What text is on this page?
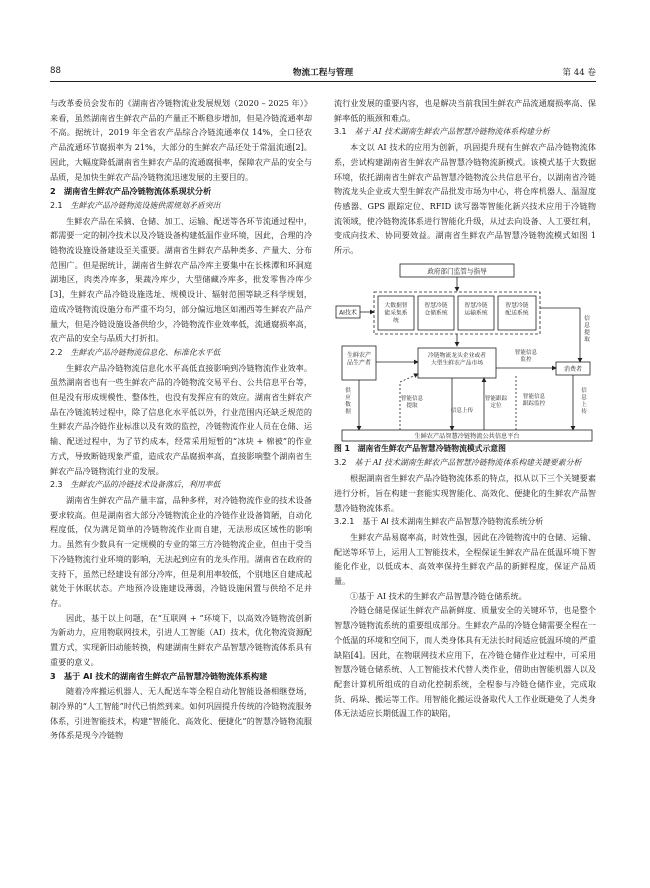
88	物流工程与管理	第 44 卷

与改革委员会发布的《湖南省冷链物流业发展规划（2020 – 2025 年）》来看，虽然湖南省生鲜农产品的产量正不断稳步增加，但是冷链流通率却不高。据统计，2019 年全省农产品综合冷链流通率仅 14%，全口径农产品流通环节腐损率为 21%，大部分的生鲜农产品还处于常温流通[2]。因此，大幅度降低湖南省生鲜农产品的流通腐损率，保障农产品的安全与品质，是加快生鲜农产品冷链物流迅速发展的主要目的。

2　湖南省生鲜农产品冷链物流体系现状分析

2.1　 生鲜农产品冷链物流设施供需规划矛盾突出

生鲜农产品在采摘、仓储、加工、运输、配送等各环节流通过程中，都需要一定的制冷技术以及冷链设备构建低温作业环境，因此，合理的冷链物流设施设备建设至关重要。湖南省生鲜农产品种类多、产量大、分布范围广。但是据统计，湖南省生鲜农产品冷库主要集中在长株潭和环洞庭湖地区，肉类冷库多，果蔬冷库少，大型储藏冷库多，批发零售冷库少[3]，生鲜农产品冷链设施选址、规模设计、辐射范围等缺乏科学规划，造成冷链物流设施分布严重不均匀，部分偏远地区如湘西等生鲜农产品产量大，但是冷链设施设备供给少，冷链物流作业效率低，流通腐损率高，农产品的安全与品质大打折扣。

2.2　 生鲜农产品冷链物流信息化、标准化水平低

生鲜农产品冷链物流信息化水平高低直接影响到冷链物流作业效率。虽然湖南省也有一些生鲜农产品的冷链物流交易平台、公共信息平台等，但是没有形成规模性、整体性，也没有发挥应有的效应。湖南省生鲜农产品在冷链流转过程中，除了信息化水平低以外，行业范围内还缺乏规范的生鲜农产品冷链作业标准以及有效的监控，冷链物流作业人员在仓储、运输、配送过程中，为了节约成本，经常采用短暂的“冰块 + 棉被”的作业方式，导致断链现象严重，造成农产品腐损率高，直接影响整个湖南省生鲜农产品冷链物流行业的发展。

2.3　 生鲜农产品的冷链技术设备落后，利用率低

湖南省生鲜农产品产量丰富，品种多样，对冷链物流作业的技术设备要求较高。但是湖南省大部分冷链物流企业的冷链作业设备简陋，自动化程度低，仅为满足简单的冷链物流作业而自建，无法形成区域性的影响力。虽然有少数具有一定规模的专业的第三方冷链物流企业，但由于受当下冷链物流行业环境的影响，无法起到应有的龙头作用。湖南省在政府的支持下，虽然已经建设有部分冷库，但是利用率较低，个别地区自建成起就处于休眠状态。产地预冷设施建设薄弱，冷链设施闲置与供给不足并存。

因此，基于以上问题，在“互联网 + ”环境下，以高效冷链物流创新为新动力，应用物联网技术，引进人工智能（AI）技术，优化物流资源配置方式，实现新旧动能转换，构建湖南生鲜农产品智慧冷链物流体系具有重要的意义。

3　基于 AI 技术的湖南省生鲜农产品智慧冷链物流体系构建

随着冷库搬运机器人、无人配送车等全程自动化智能设备相继登场，制冷界的“人工智能”时代已悄然到来。如何巩固提升传统的冷链物流服务体系，引进智能技术，构建“智能化、高效化、便捷化”的智慧冷链物流服务体系是现今冷链物

流行业发展的重要内容，也是解决当前我国生鲜农产品流通腐损率高、保鲜率低的瓶颈和难点。

3.1　 基于 AI 技术湖南生鲜农产品智慧冷链物流体系构建分析

本文以 AI 技术的应用为创新，巩固提升现有生鲜农产品冷链物流体系，尝试构建湖南省生鲜农产品智慧冷链物流新模式。该模式基于大数据环境，依托湖南省生鲜农产品智慧冷链物流公共信息平台，以湖南省冷链物流龙头企业或大型生鲜农产品批发市场为中心，将仓库机器人、温湿度传感器、GPS 跟踪定位、RFID 读写器等智能化新兴技术应用于冷链物流领域，使冷链物流体系进行智能化升级，从过去向设备、人工要红利，变成向技术、协同要效益。湖南省生鲜农产品智慧冷链物流模式如图 1 所示。

政府部门监管与指导
AI技术
大数据智能采集系统
智慧冷链仓储系统
智慧冷链运输系统
智慧冷链配送系统
信息提取
生鲜农产品生产者
冷链物流龙头企业或者大型生鲜农产品市场
消费者
智能信息监控
供应数据
智能信息提取
信息上传
智能跟踪定位
智能信息跟踪监控
信息上传
生鲜农产品智慧冷链物流公共信息平台

图 1　湖南省生鲜农产品智慧冷链物流模式示意图

3.2　 基于 AI 技术湖南生鲜农产品智慧冷链物流体系构建关键要素分析

根据湖南省生鲜农产品冷链物流体系的特点，拟从以下三个关键要素进行分析，旨在构建一套能实现智能化、高效化、便捷化的生鲜农产品智慧冷链物流体系。

3.2.1　基于 AI 技术湖南生鲜农产品智慧冷链物流系统分析

生鲜农产品易腐率高，时效性强，因此在冷链物流中的仓储、运输、配送等环节上，运用人工智能技术，全程保证生鲜农产品在低温环境下智能化作业，以低成本、高效率保持生鲜农产品的新鲜程度，保证产品质量。

①基于 AI 技术的生鲜农产品智慧冷链仓储系统。

冷链仓储是保证生鲜农产品新鲜度、质量安全的关键环节，也是整个智慧冷链物流系统的重要组成部分。生鲜农产品的冷链仓储需要全程在一个低温的环境和空间下，而人类身体具有无法长时间适应低温环境的严重缺陷[4]。因此，在物联网技术应用下，在冷链仓储作业过程中，可采用智慧冷链仓储系统、人工智能技术代替人类作业，借助由智能机器人以及配套计算机所组成的自动化控制系统，全程参与冷链仓储作业，完成取货、码垛、搬运等工作。用智能化搬运设备取代人工作业既避免了人类身体无法适应长期低温工作的缺陷，
